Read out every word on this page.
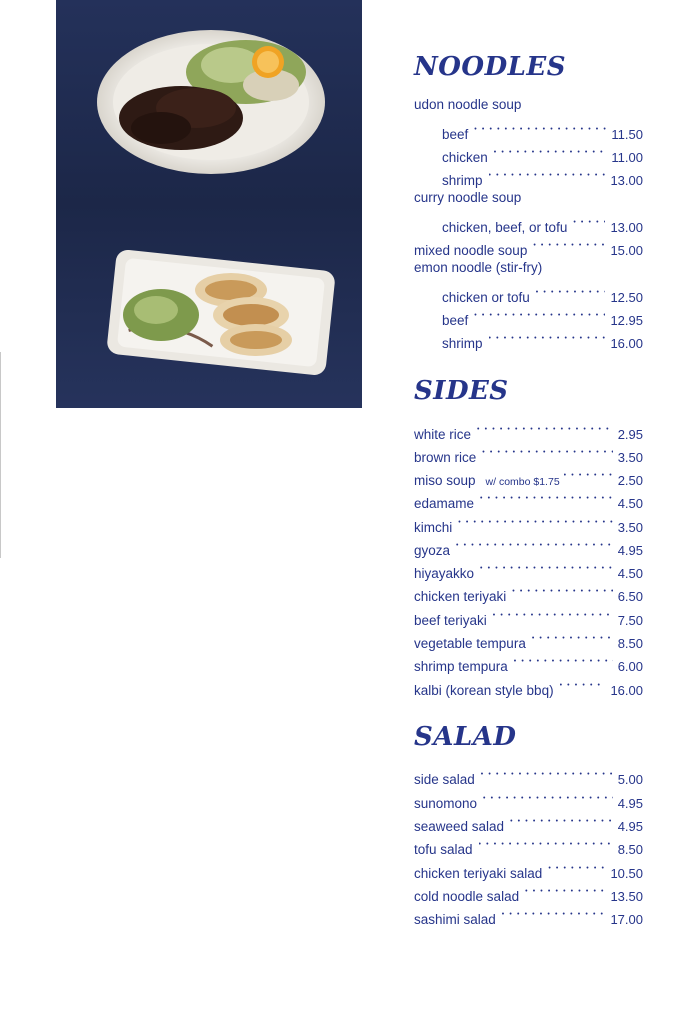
NOODLES
udon noodle soup
beef • • •	11.50
chicken • • •	11.00
shrimp • • •	13.00
curry noodle soup
chicken, beef, or tofu • • •	13.00
mixed noodle soup • • •	15.00
emon noodle (stir-fry)
chicken or tofu • • •	12.50
beef • • •	12.95
shrimp • • •	16.00
SIDES
white rice • • •	2.95
brown rice • • •	3.50
miso soup w/ combo $1.75 • • •	2.50
edamame • • •	4.50
kimchi • • •	3.50
gyoza • • •	4.95
hiyayakko • • •	4.50
chicken teriyaki • • •	6.50
beef teriyaki • • •	7.50
vegetable tempura • • •	8.50
shrimp tempura • • •	6.00
kalbi (korean style bbq) • • •	16.00
SALAD
side salad • • •	5.00
sunomono • • •	4.95
seaweed salad • • •	4.95
tofu salad • • •	8.50
chicken teriyaki salad • • •	10.50
cold noodle salad • • •	13.50
sashimi salad • • •	17.00
